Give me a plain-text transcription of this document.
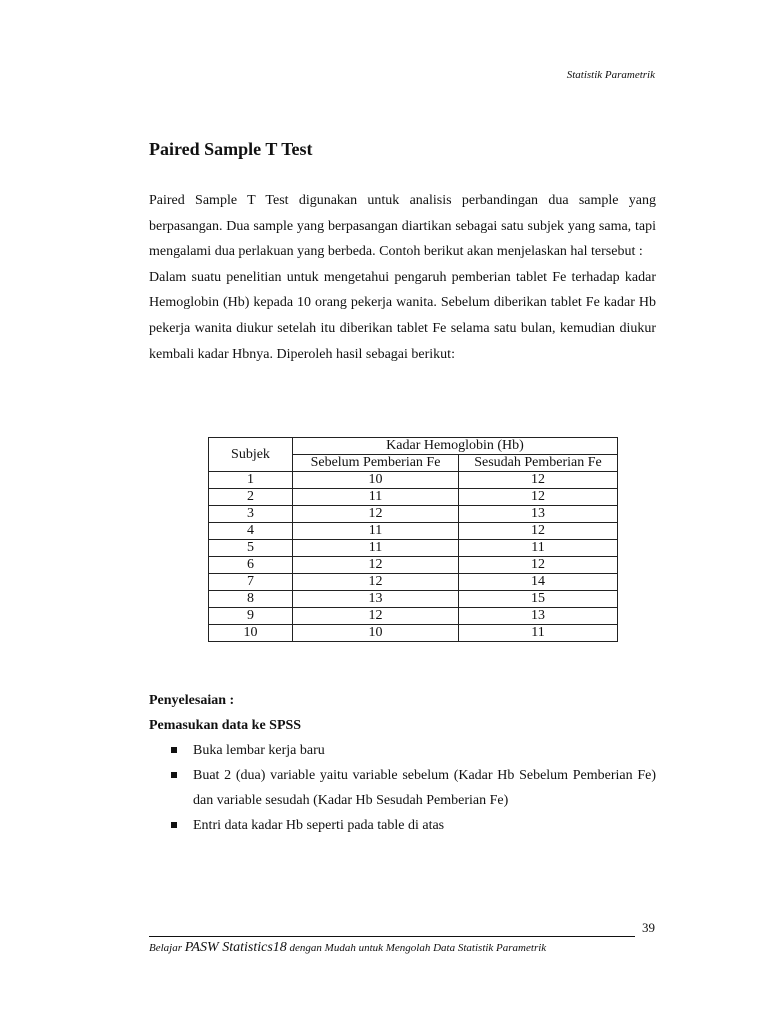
Statistik Parametrik
Paired Sample T Test

Paired Sample T Test digunakan untuk analisis perbandingan dua sample yang berpasangan. Dua sample yang berpasangan diartikan sebagai satu subjek yang sama, tapi mengalami dua perlakuan yang berbeda. Contoh berikut akan menjelaskan hal tersebut :

Dalam suatu penelitian untuk mengetahui pengaruh pemberian tablet Fe terhadap kadar Hemoglobin (Hb) kepada 10 orang pekerja wanita. Sebelum diberikan tablet Fe kadar Hb pekerja wanita diukur setelah itu diberikan tablet Fe selama satu bulan, kemudian diukur kembali kadar Hbnya. Diperoleh hasil sebagai berikut:

Subjek	Kadar Hemoglobin (Hb)	
	Sebelum Pemberian Fe	Sesudah Pemberian Fe
1	10	12
2	11	12
3	12	13
4	11	12
5	11	11
6	12	12
7	12	14
8	13	15
9	12	13
10	10	11

Penyelesaian :

Pemasukan data ke SPSS

Buka lembar kerja baru
Buat 2 (dua) variable yaitu variable sebelum (Kadar Hb Sebelum Pemberian Fe) dan variable sesudah (Kadar Hb Sesudah Pemberian Fe)
Entri data kadar Hb seperti pada table di atas
39
Belajar PASW Statistics18 dengan Mudah untuk Mengolah Data Statistik Parametrik
